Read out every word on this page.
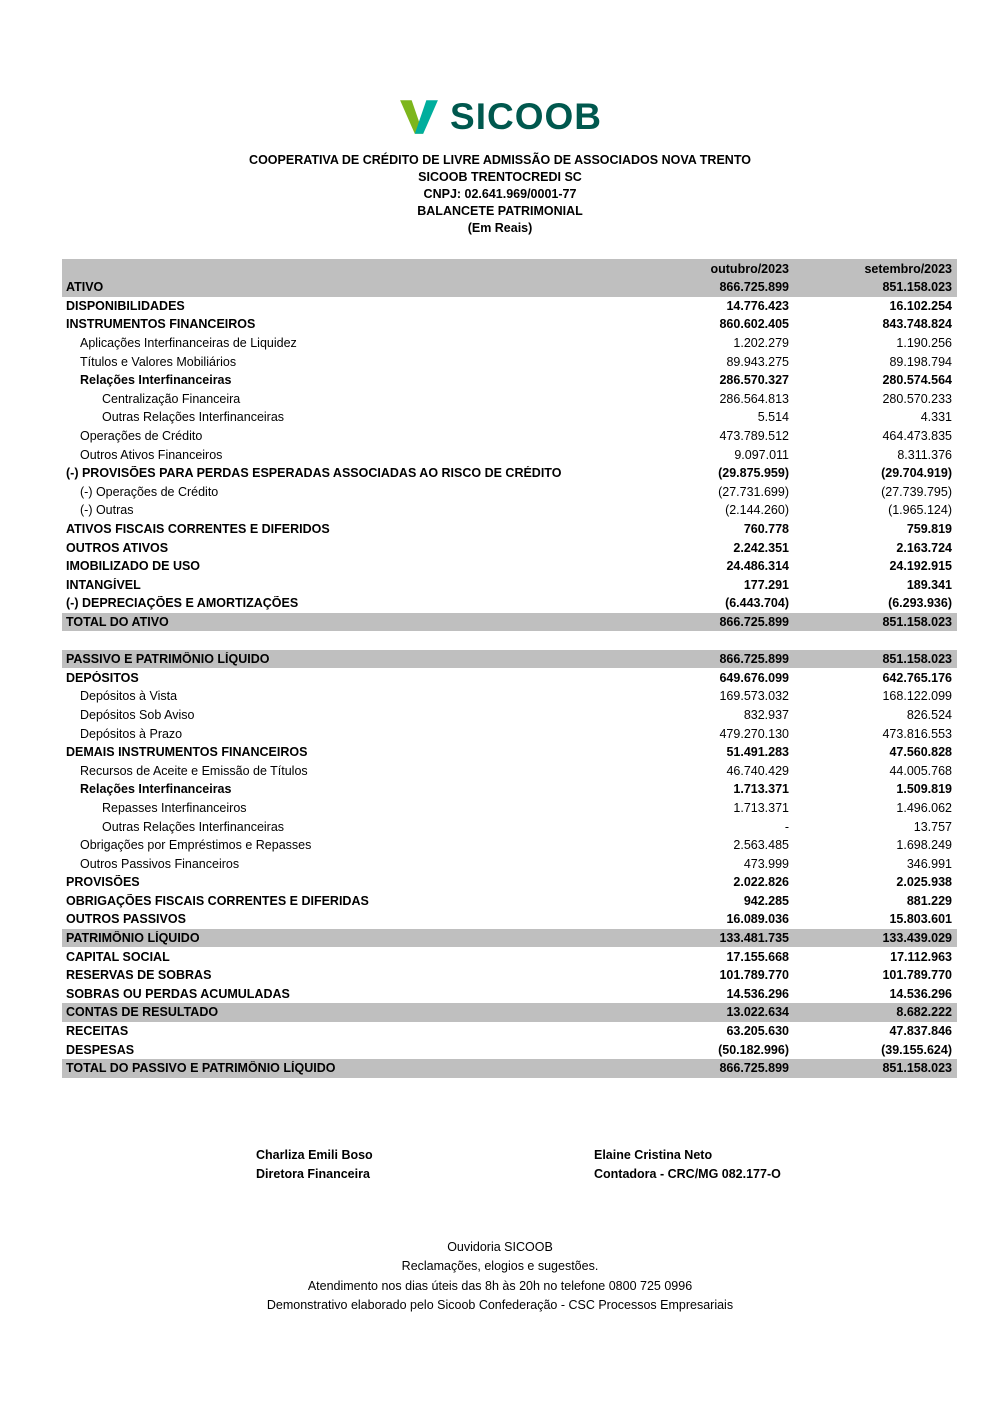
SICOOB
COOPERATIVA DE CRÉDITO DE LIVRE ADMISSÃO DE ASSOCIADOS NOVA TRENTO
SICOOB TRENTOCREDI SC
CNPJ: 02.641.969/0001-77
BALANCETE PATRIMONIAL
(Em Reais)
outubro/2023	setembro/2023
ATIVO	866.725.899	851.158.023
DISPONIBILIDADES	14.776.423	16.102.254
INSTRUMENTOS FINANCEIROS	860.602.405	843.748.824
Aplicações Interfinanceiras de Liquidez	1.202.279	1.190.256
Títulos e Valores Mobiliários	89.943.275	89.198.794
Relações Interfinanceiras	286.570.327	280.574.564
Centralização Financeira	286.564.813	280.570.233
Outras Relações Interfinanceiras	5.514	4.331
Operações de Crédito	473.789.512	464.473.835
Outros Ativos Financeiros	9.097.011	8.311.376
(-) PROVISÕES PARA PERDAS ESPERADAS ASSOCIADAS AO RISCO DE CRÉDITO	(29.875.959)	(29.704.919)
(-) Operações de Crédito	(27.731.699)	(27.739.795)
(-) Outras	(2.144.260)	(1.965.124)
ATIVOS FISCAIS CORRENTES E DIFERIDOS	760.778	759.819
OUTROS ATIVOS	2.242.351	2.163.724
IMOBILIZADO DE USO	24.486.314	24.192.915
INTANGÍVEL	177.291	189.341
(-) DEPRECIAÇÕES E AMORTIZAÇÕES	(6.443.704)	(6.293.936)
TOTAL DO ATIVO	866.725.899	851.158.023
PASSIVO E PATRIMÔNIO LÍQUIDO	866.725.899	851.158.023
DEPÓSITOS	649.676.099	642.765.176
Depósitos à Vista	169.573.032	168.122.099
Depósitos Sob Aviso	832.937	826.524
Depósitos à Prazo	479.270.130	473.816.553
DEMAIS INSTRUMENTOS FINANCEIROS	51.491.283	47.560.828
Recursos de Aceite e Emissão de Títulos	46.740.429	44.005.768
Relações Interfinanceiras	1.713.371	1.509.819
Repasses Interfinanceiros	1.713.371	1.496.062
Outras Relações Interfinanceiras	-	13.757
Obrigações por Empréstimos e Repasses	2.563.485	1.698.249
Outros Passivos Financeiros	473.999	346.991
PROVISÕES	2.022.826	2.025.938
OBRIGAÇÕES FISCAIS CORRENTES E DIFERIDAS	942.285	881.229
OUTROS PASSIVOS	16.089.036	15.803.601
PATRIMÔNIO LÍQUIDO	133.481.735	133.439.029
CAPITAL SOCIAL	17.155.668	17.112.963
RESERVAS DE SOBRAS	101.789.770	101.789.770
SOBRAS OU PERDAS ACUMULADAS	14.536.296	14.536.296
CONTAS DE RESULTADO	13.022.634	8.682.222
RECEITAS	63.205.630	47.837.846
DESPESAS	(50.182.996)	(39.155.624)
TOTAL DO PASSIVO E PATRIMÔNIO LÍQUIDO	866.725.899	851.158.023
Charliza Emili Boso
Diretora Financeira
Elaine Cristina Neto
Contadora - CRC/MG 082.177-O
Ouvidoria SICOOB
Reclamações, elogios e sugestões.
Atendimento nos dias úteis das 8h às 20h no telefone 0800 725 0996
Demonstrativo elaborado pelo Sicoob Confederação - CSC Processos Empresariais
